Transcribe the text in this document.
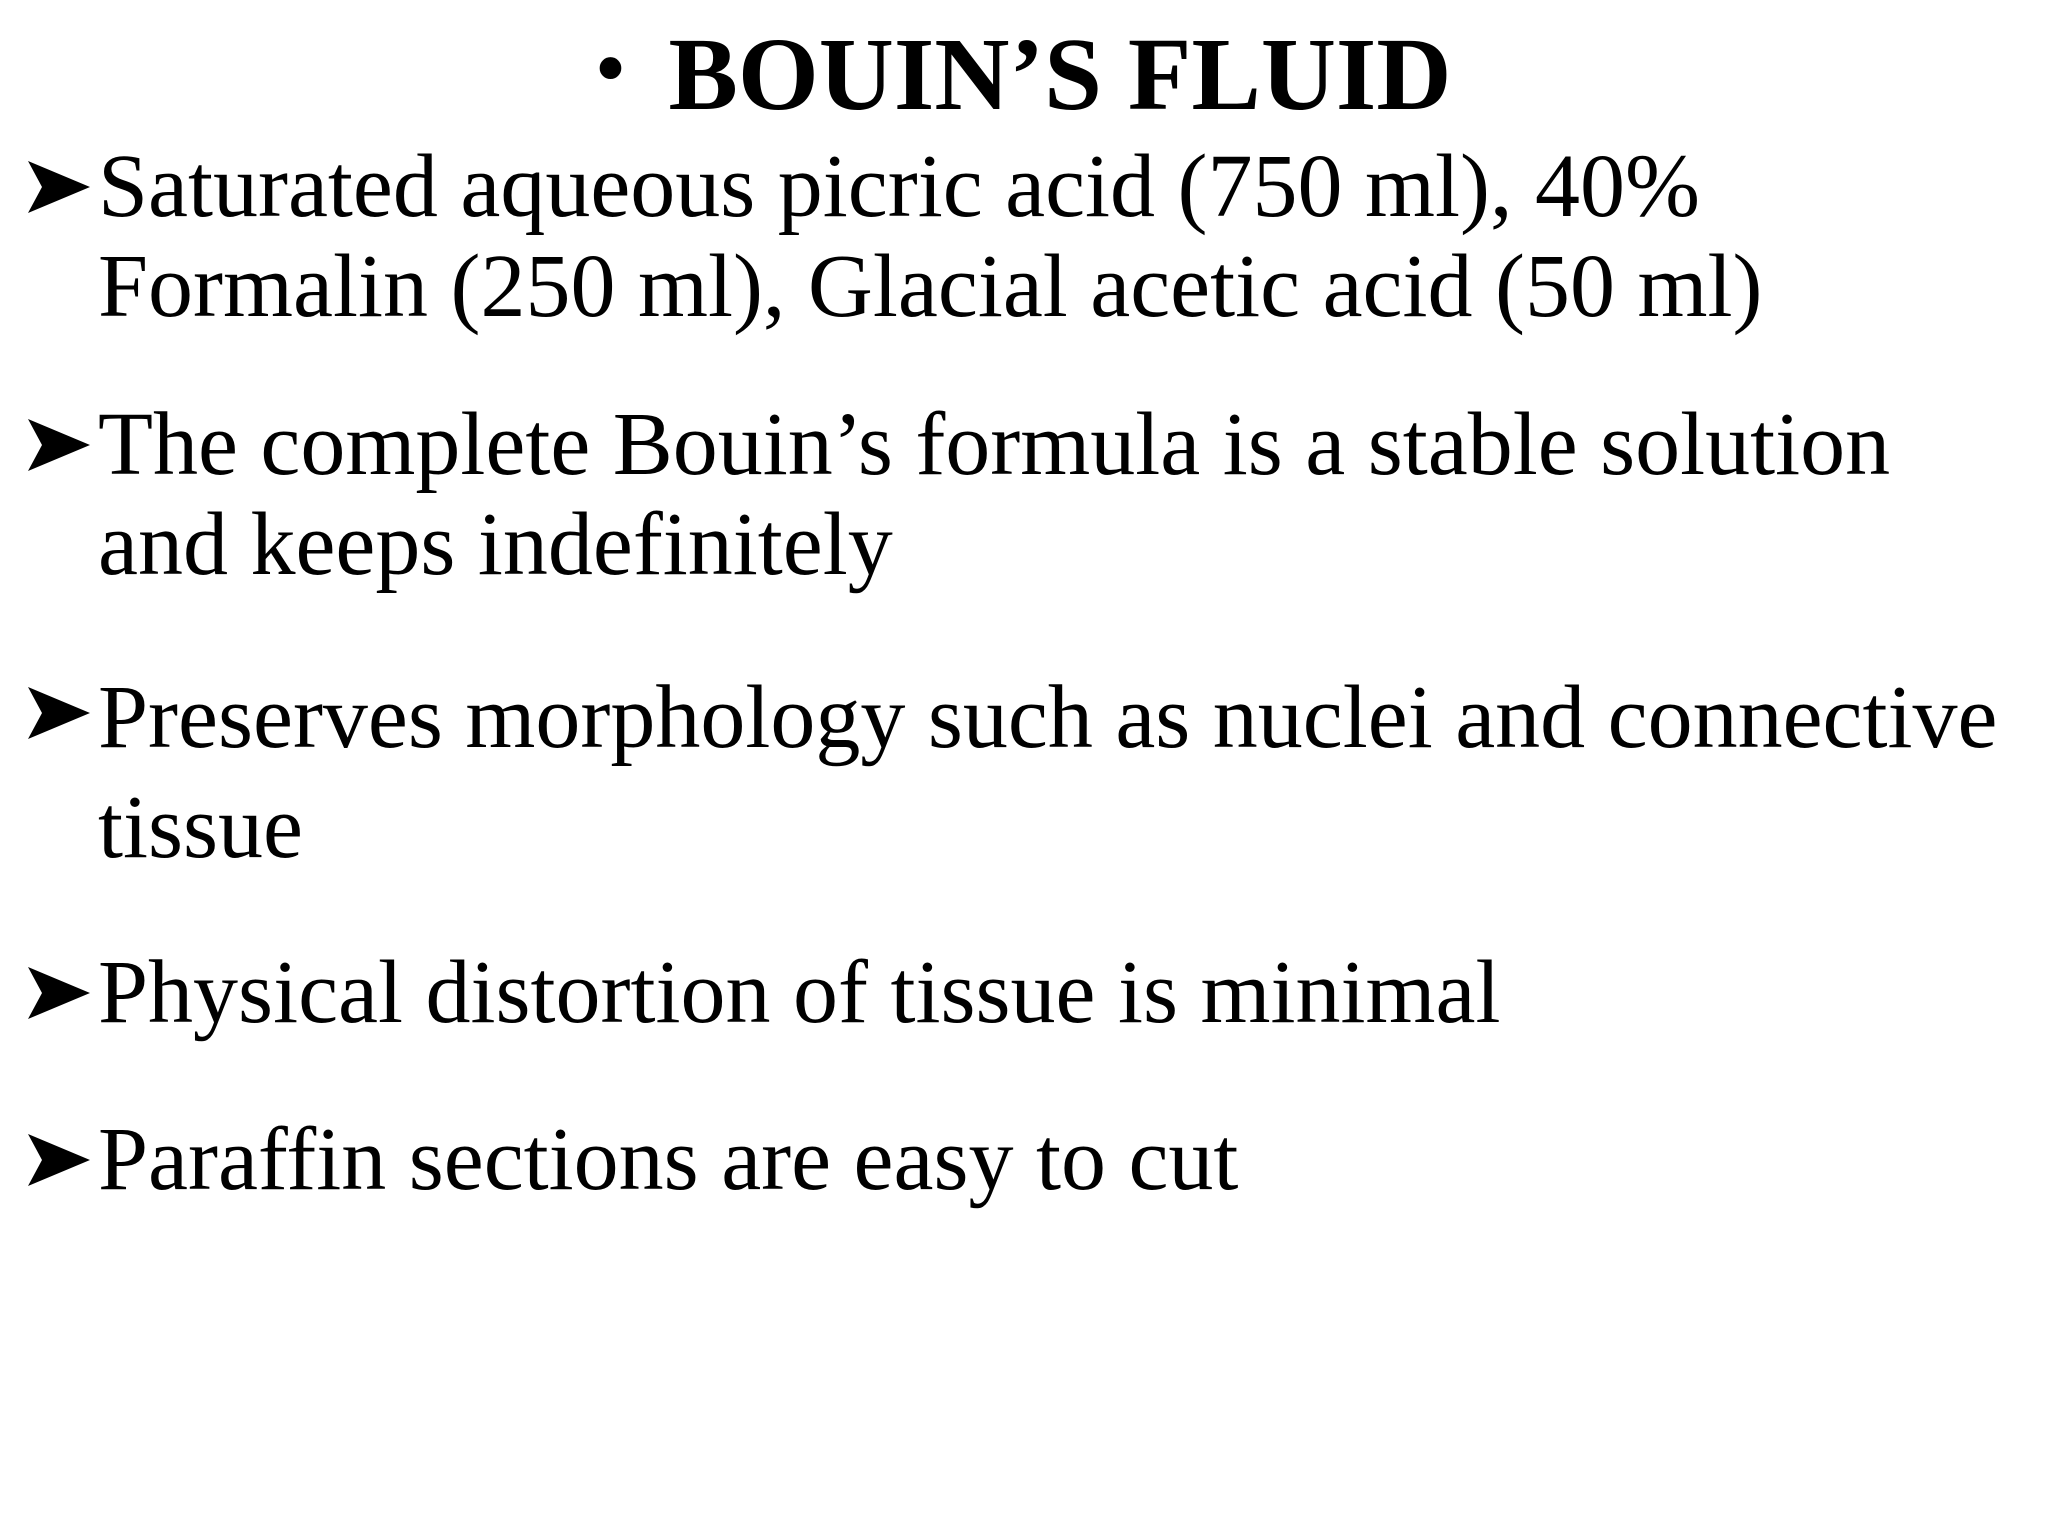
• BOUIN’S FLUID
Saturated aqueous picric acid (750 ml), 40%
Formalin (250 ml), Glacial acetic acid (50 ml)
The complete Bouin’s formula is a stable solution
and keeps indefinitely
Preserves morphology such as nuclei and connective
tissue
Physical distortion of tissue is minimal
Paraffin sections are easy to cut
